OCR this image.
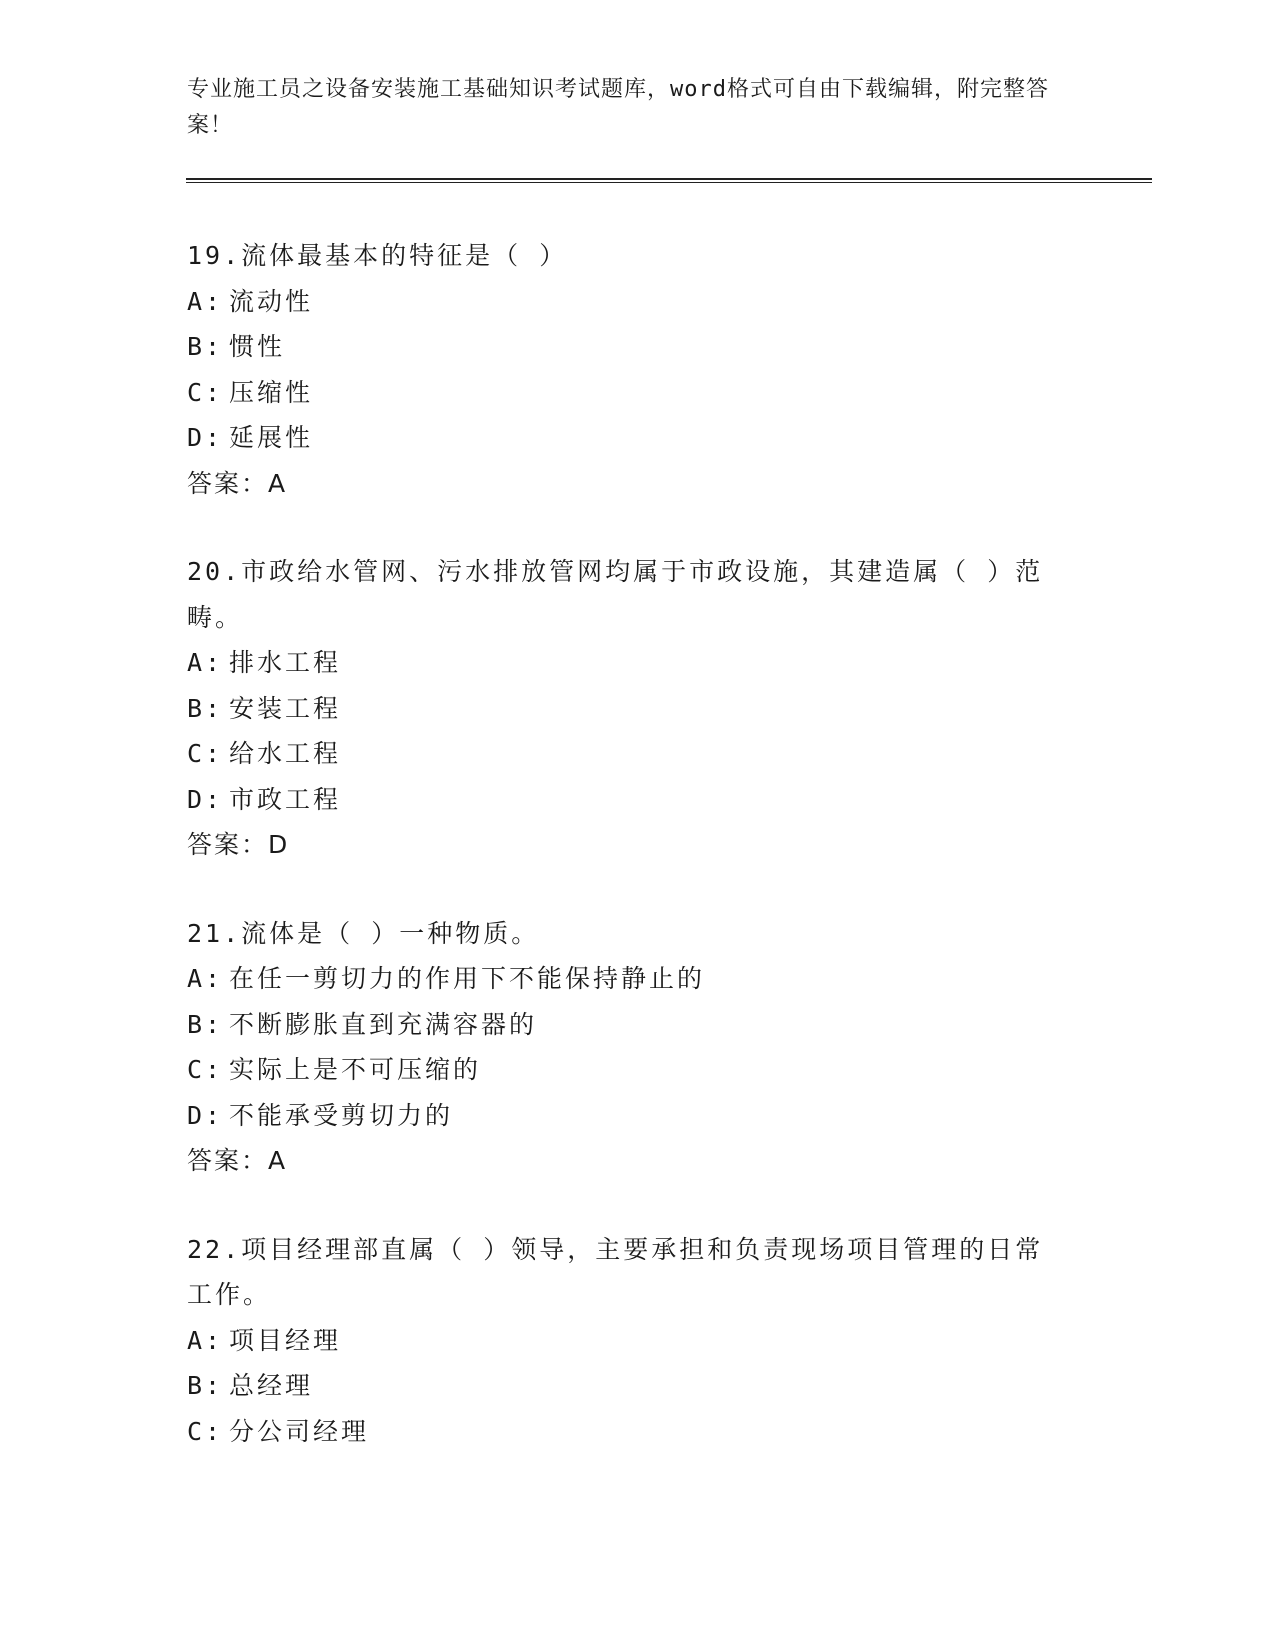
专业施工员之设备安装施工基础知识考试题库，word格式可自由下载编辑，附完整答案！
19.流体最基本的特征是（ ）
A: 流动性
B: 惯性
C: 压缩性
D: 延展性
答案：A
20.市政给水管网、污水排放管网均属于市政设施，其建造属（ ）范畴。
A: 排水工程
B: 安装工程
C: 给水工程
D: 市政工程
答案：D
21.流体是（ ）一种物质。
A: 在任一剪切力的作用下不能保持静止的
B: 不断膨胀直到充满容器的
C: 实际上是不可压缩的
D: 不能承受剪切力的
答案：A
22.项目经理部直属（ ）领导，主要承担和负责现场项目管理的日常工作。
A: 项目经理
B: 总经理
C: 分公司经理
